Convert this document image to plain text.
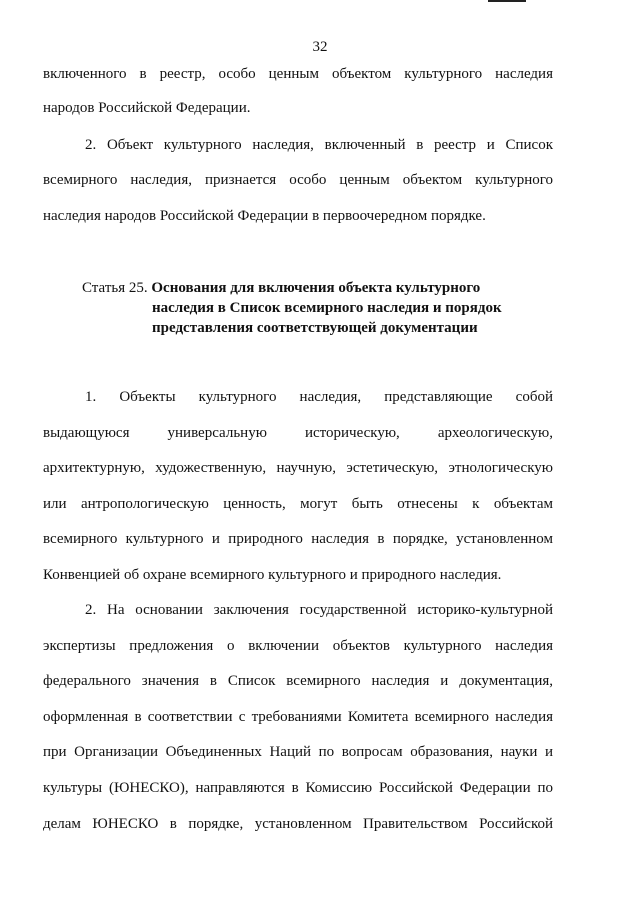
32
включенного в реестр, особо ценным объектом культурного наследия
народов Российской Федерации.
2. Объект культурного наследия, включенный в реестр и Список
всемирного наследия, признается особо ценным объектом культурного
наследия народов Российской Федерации в первоочередном порядке.
Статья 25. Основания для включения объекта культурного
наследия в Список всемирного наследия и порядок
представления соответствующей документации
1. Объекты культурного наследия, представляющие собой
выдающуюся универсальную историческую, археологическую,
архитектурную, художественную, научную, эстетическую, этнологическую
или антропологическую ценность, могут быть отнесены к объектам
всемирного культурного и природного наследия в порядке, установленном
Конвенцией об охране всемирного культурного и природного наследия.
2. На основании заключения государственной историко-культурной
экспертизы предложения о включении объектов культурного наследия
федерального значения в Список всемирного наследия и документация,
оформленная в соответствии с требованиями Комитета всемирного наследия
при Организации Объединенных Наций по вопросам образования, науки и
культуры (ЮНЕСКО), направляются в Комиссию Российской Федерации по
делам ЮНЕСКО в порядке, установленном Правительством Российской
